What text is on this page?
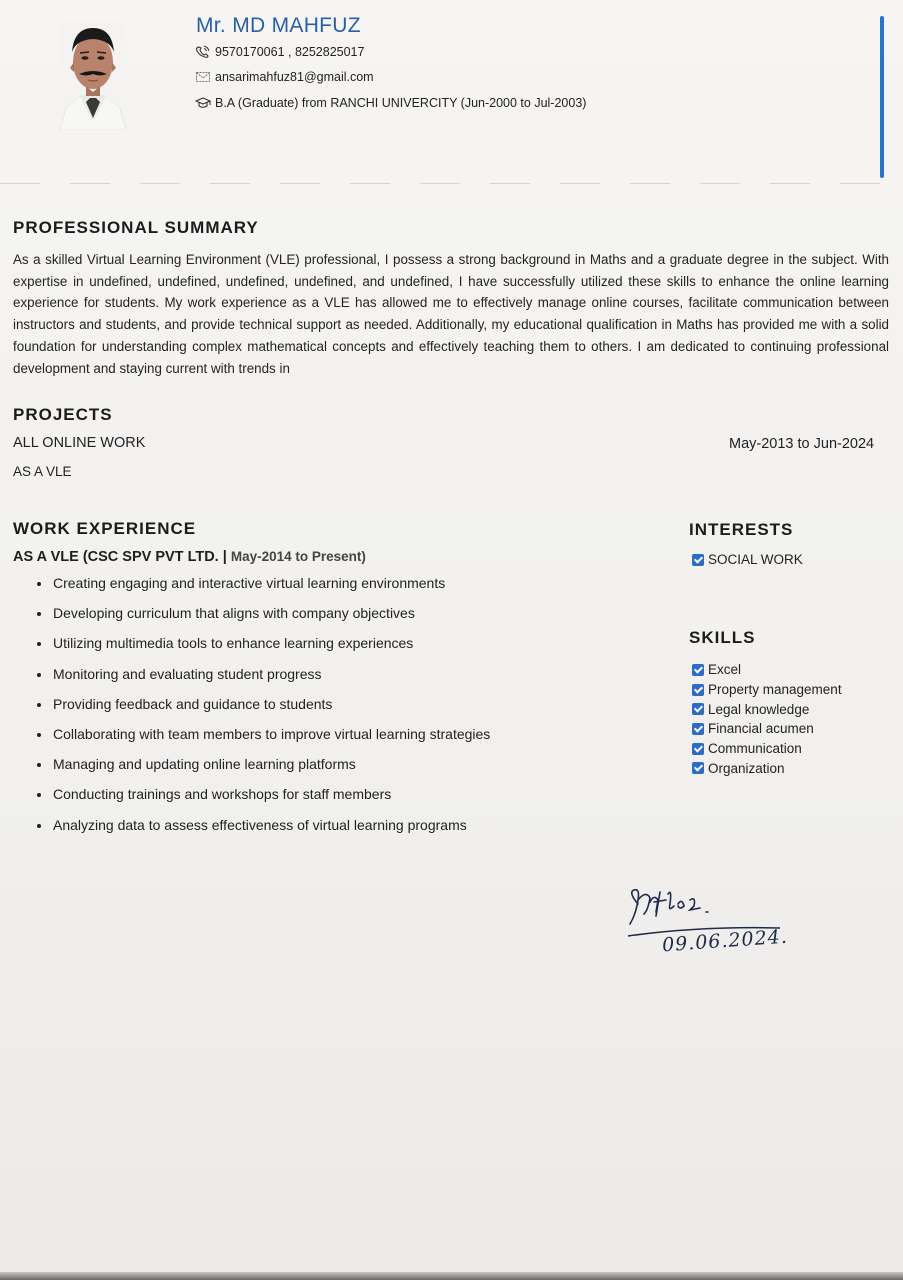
Mr. MD MAHFUZ
9570170061 , 8252825017
ansarimahfuz81@gmail.com
B.A (Graduate) from RANCHI UNIVERCITY (Jun-2000 to Jul-2003)
PROFESSIONAL SUMMARY
As a skilled Virtual Learning Environment (VLE) professional, I possess a strong background in Maths and a graduate degree in the subject. With expertise in undefined, undefined, undefined, undefined, and undefined, I have successfully utilized these skills to enhance the online learning experience for students. My work experience as a VLE has allowed me to effectively manage online courses, facilitate communication between instructors and students, and provide technical support as needed. Additionally, my educational qualification in Maths has provided me with a solid foundation for understanding complex mathematical concepts and effectively teaching them to others. I am dedicated to continuing professional development and staying current with trends in
PROJECTS
ALL ONLINE WORK
AS A VLE
May-2013 to Jun-2024
WORK EXPERIENCE
AS A VLE (CSC SPV PVT LTD. | May-2014 to Present)
Creating engaging and interactive virtual learning environments
Developing curriculum that aligns with company objectives
Utilizing multimedia tools to enhance learning experiences
Monitoring and evaluating student progress
Providing feedback and guidance to students
Collaborating with team members to improve virtual learning strategies
Managing and updating online learning platforms
Conducting trainings and workshops for staff members
Analyzing data to assess effectiveness of virtual learning programs
INTERESTS
SOCIAL WORK
SKILLS
Excel
Property management
Legal knowledge
Financial acumen
Communication
Organization
09.06.2024.
